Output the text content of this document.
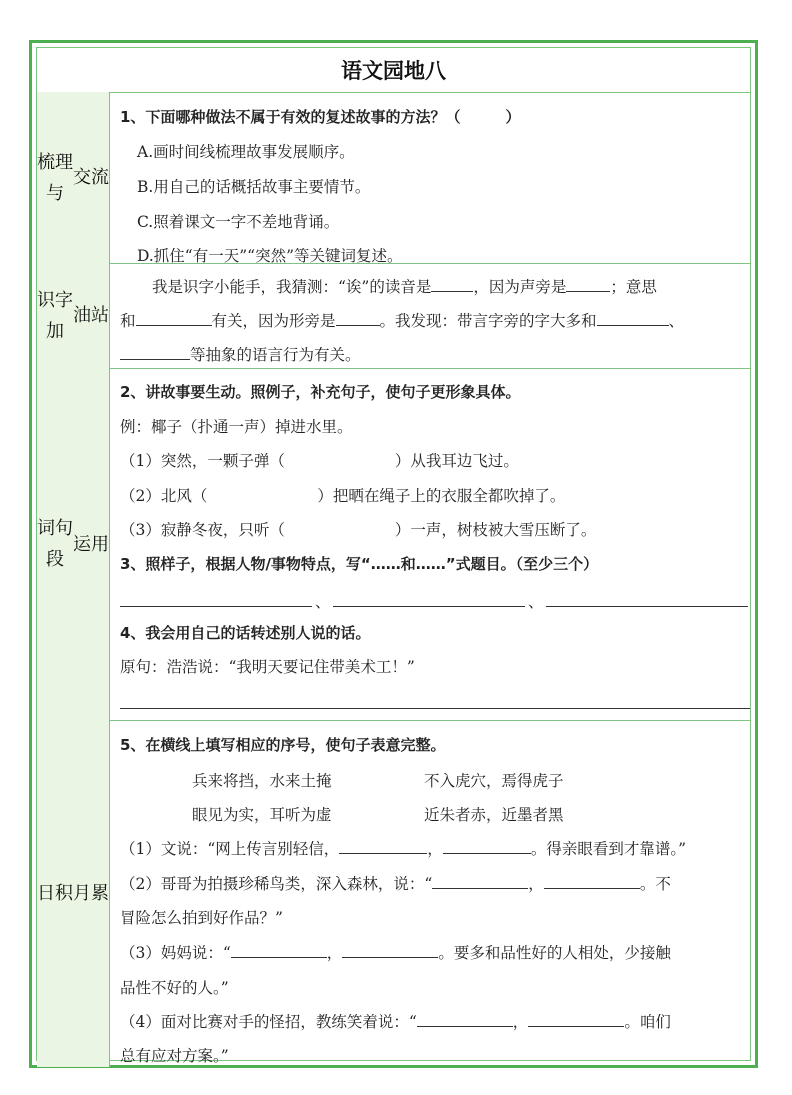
语文园地八
梳理与
交流
1、下面哪种做法不属于有效的复述故事的方法？（　　　）
A.画时间线梳理故事发展顺序。
B.用自己的话概括故事主要情节。
C.照着课文一字不差地背诵。
D.抓住“有一天”“突然”等关键词复述。
识字加
油站
我是识字小能手，我猜测：“诶”的读音是	，因为声旁是	；意思
和	有关，因为形旁是	。我发现：带言字旁的字大多和	、
等抽象的语言行为有关。
词句段
运用
2、讲故事要生动。照例子，补充句子，使句子更形象具体。
例：椰子（扑通一声）掉进水里。
（1）突然，一颗子弹（	）从我耳边飞过。
（2）北风（	）把晒在绳子上的衣服全都吹掉了。
（3）寂静冬夜，只听（	）一声，树枝被大雪压断了。
3、照样子，根据人物/事物特点，写“……和……”式题目。（至少三个）
、	、
4、我会用自己的话转述别人说的话。
原句：浩浩说：“我明天要记住带美术工！”
日积 月累
5、在横线上填写相应的序号，使句子表意完整。
兵来将挡，水来土掩	不入虎穴，焉得虎子
眼见为实，耳听为虚	近朱者赤，近墨者黑
（1）文说：“网上传言别轻信，	，	。得亲眼看到才靠谱。”
（2）哥哥为拍摄珍稀鸟类，深入森林，说：“	，	。不
冒险怎么拍到好作品？”
（3）妈妈说：“	，	。要多和品性好的人相处，少接触
品性不好的人。”
（4）面对比赛对手的怪招，教练笑着说：“	，	。咱们
总有应对方案。”
